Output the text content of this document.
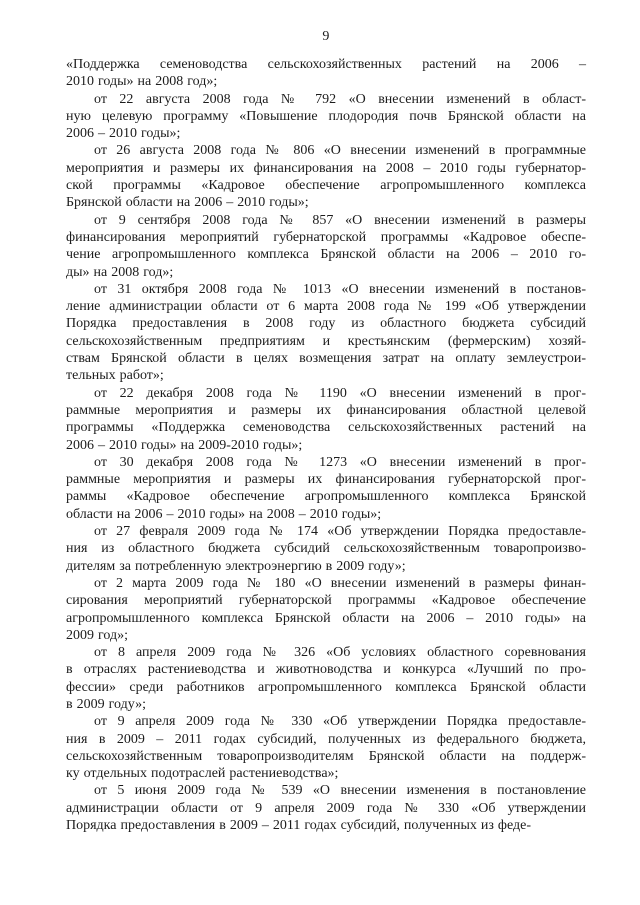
9
«Поддержка семеноводства сельскохозяйственных растений на 2006 –
2010 годы» на 2008 год»;
от 22 августа 2008 года № 792 «О внесении изменений в област-
ную целевую программу «Повышение плодородия почв Брянской области на
2006 – 2010 годы»;
от 26 августа 2008 года № 806 «О внесении изменений в программные
мероприятия и размеры их финансирования на 2008 – 2010 годы губернатор-
ской программы «Кадровое обеспечение агропромышленного комплекса
Брянской области на 2006 – 2010 годы»;
от 9 сентября 2008 года № 857 «О внесении изменений в размеры
финансирования мероприятий губернаторской программы «Кадровое обеспе-
чение агропромышленного комплекса Брянской области на 2006 – 2010 го-
ды» на 2008 год»;
от 31 октября 2008 года № 1013 «О внесении изменений в постанов-
ление администрации области от 6 марта 2008 года № 199 «Об утверждении
Порядка предоставления в 2008 году из областного бюджета субсидий
сельскохозяйственным предприятиям и крестьянским (фермерским) хозяй-
ствам Брянской области в целях возмещения затрат на оплату землеустрои-
тельных работ»;
от 22 декабря 2008 года № 1190 «О внесении изменений в прог-
раммные мероприятия и размеры их финансирования областной целевой
программы «Поддержка семеноводства сельскохозяйственных растений на
2006 – 2010 годы» на 2009-2010 годы»;
от 30 декабря 2008 года № 1273 «О внесении изменений в прог-
раммные мероприятия и размеры их финансирования губернаторской прог-
раммы «Кадровое обеспечение агропромышленного комплекса Брянской
области на 2006 – 2010 годы» на 2008 – 2010 годы»;
от 27 февраля 2009 года № 174 «Об утверждении Порядка предоставле-
ния из областного бюджета субсидий сельскохозяйственным товаропроизво-
дителям за потребленную электроэнергию в 2009 году»;
от 2 марта 2009 года № 180 «О внесении изменений в размеры финан-
сирования мероприятий губернаторской программы «Кадровое обеспечение
агропромышленного комплекса Брянской области на 2006 – 2010 годы» на
2009 год»;
от 8 апреля 2009 года № 326 «Об условиях областного соревнования
в отраслях растениеводства и животноводства и конкурса «Лучший по про-
фессии» среди работников агропромышленного комплекса Брянской области
в 2009 году»;
от 9 апреля 2009 года № 330 «Об утверждении Порядка предоставле-
ния в 2009 – 2011 годах субсидий, полученных из федерального бюджета,
сельскохозяйственным товаропроизводителям Брянской области на поддерж-
ку отдельных подотраслей растениеводства»;
от 5 июня 2009 года № 539 «О внесении изменения в постановление
администрации области от 9 апреля 2009 года № 330 «Об утверждении
Порядка предоставления в 2009 – 2011 годах субсидий, полученных из феде-
